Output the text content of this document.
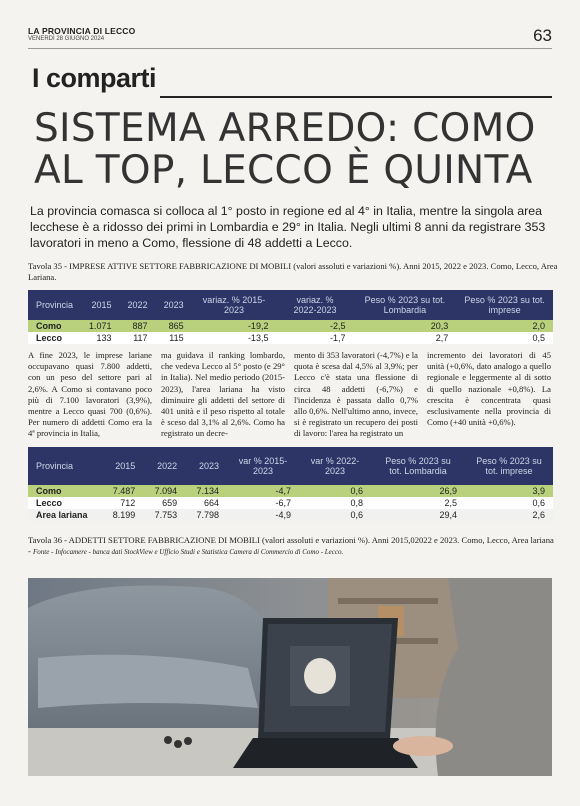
LA PROVINCIA DI LECCO
VENERDÌ 28 GIUGNO 2024	63
I comparti
SISTEMA ARREDO: COMO
AL TOP, LECCO È QUINTA
La provincia comasca si colloca al 1° posto in regione ed al 4° in Italia, mentre la singola area lecchese è a ridosso dei primi in Lombardia e 29° in Italia. Negli ultimi 8 anni da registrare 353 lavoratori in meno a Como, flessione di 48 addetti a Lecco.
Tavola 35 - IMPRESE ATTIVE SETTORE FABBRICAZIONE DI MOBILI (valori assoluti e variazioni %). Anni 2015, 2022 e 2023. Como, Lecco, Area Lariana.
Provincia	2015	2022	2023	variaz. % 2015-2023	variaz. % 2022-2023	Peso % 2023 su tot. Lombardia	Peso % 2023 su tot. imprese
Como	1.071	887	865	-19,2	-2,5	20,3	2,0
Lecco	133	117	115	-13,5	-1,7	2,7	0,5
A fine 2023, le imprese lariane occupavano quasi 7.800 addetti, con un peso del settore pari al 2,6%. A Como si contavano poco più di 7.100 lavoratori (3,9%), mentre a Lecco quasi 700 (0,6%). Per numero di addetti Como era la 4ª provincia in Italia,
ma guidava il ranking lombardo, che vedeva Lecco al 5° posto (e 29° in Italia). Nel medio periodo (2015-2023), l'area lariana ha visto diminuire gli addetti del settore di 401 unità e il peso rispetto al totale è sceso dal 3,1% al 2,6%. Como ha registrato un decre-
mento di 353 lavoratori (-4,7%) e la quota è scesa dal 4,5% al 3,9%; per Lecco c'è stata una flessione di circa 48 addetti (-6,7%) e l'incidenza è passata dallo 0,7% allo 0,6%. Nell'ultimo anno, invece, si è registrato un recupero dei posti di lavoro: l'area ha registrato un
incremento dei lavoratori di 45 unità (+0,6%, dato analogo a quello regionale e leggermente al di sotto di quello nazionale +0,8%). La crescita è concentrata quasi esclusivamente nella provincia di Como (+40 unità +0,6%).
Provincia	2015	2022	2023	var % 2015-2023	var % 2022-2023	Peso % 2023 su tot. Lombardia	Peso % 2023 su tot. imprese
Como	7.487	7.094	7.134	-4,7	0,6	26,9	3,9
Lecco	712	659	664	-6,7	0,8	2,5	0,6
Area lariana	8.199	7.753	7.798	-4,9	0,6	29,4	2,6
Tavola 36 - ADDETTI SETTORE FABBRICAZIONE DI MOBILI (valori assoluti e variazioni %). Anni 2015,02022 e 2023. Como, Lecco, Area lariana - Fonte - Infocamere - banca dati StockView e Ufficio Studi e Statistica Camera di Commercio di Como - Lecco.
